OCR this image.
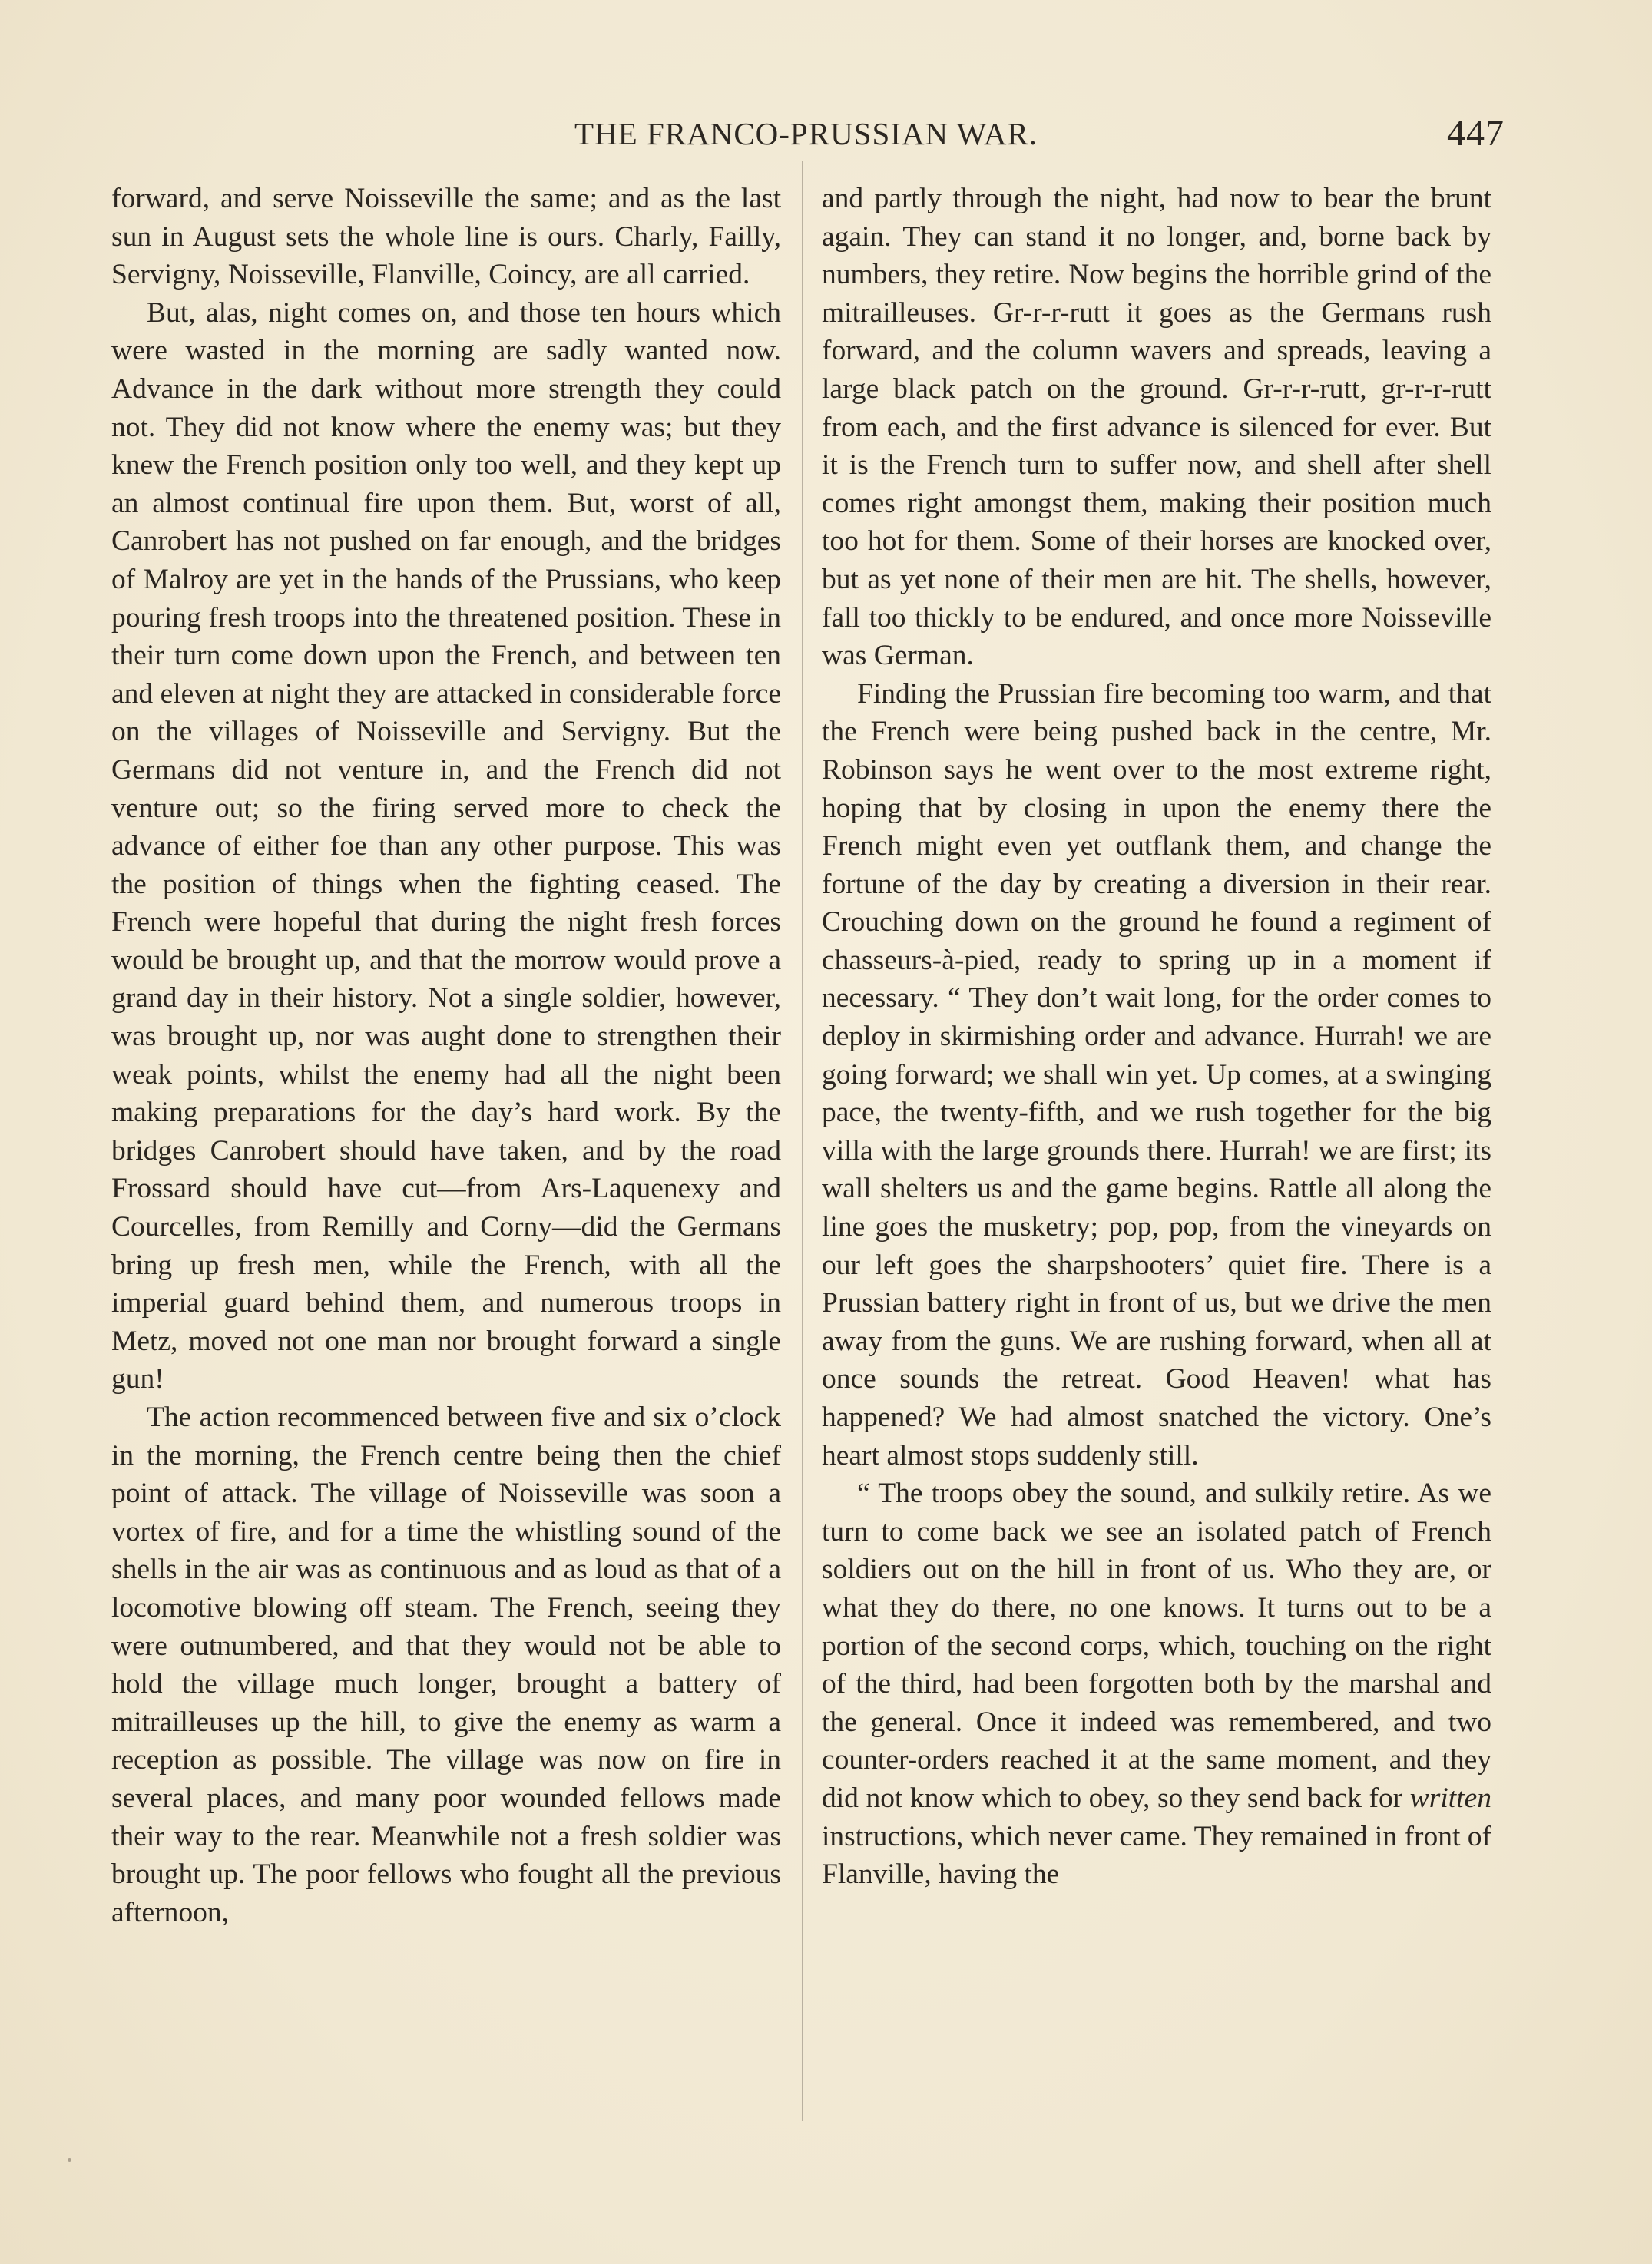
THE FRANCO-PRUSSIAN WAR.	447

forward, and serve Noisseville the same; and as the last sun in August sets the whole line is ours. Charly, Failly, Servigny, Noisseville, Flanville, Coincy, are all carried.

But, alas, night comes on, and those ten hours which were wasted in the morning are sadly wanted now. Advance in the dark without more strength they could not. They did not know where the enemy was; but they knew the French position only too well, and they kept up an almost continual fire upon them. But, worst of all, Canrobert has not pushed on far enough, and the bridges of Malroy are yet in the hands of the Prussians, who keep pouring fresh troops into the threatened position. These in their turn come down upon the French, and between ten and eleven at night they are attacked in considerable force on the villages of Noisseville and Servigny. But the Germans did not venture in, and the French did not venture out; so the firing served more to check the advance of either foe than any other purpose. This was the position of things when the fighting ceased. The French were hopeful that during the night fresh forces would be brought up, and that the morrow would prove a grand day in their history. Not a single soldier, however, was brought up, nor was aught done to strengthen their weak points, whilst the enemy had all the night been making preparations for the day’s hard work. By the bridges Canrobert should have taken, and by the road Frossard should have cut—from Ars-Laquenexy and Courcelles, from Remilly and Corny—did the Germans bring up fresh men, while the French, with all the imperial guard behind them, and numerous troops in Metz, moved not one man nor brought forward a single gun!

The action recommenced between five and six o’clock in the morning, the French centre being then the chief point of attack. The village of Noisseville was soon a vortex of fire, and for a time the whistling sound of the shells in the air was as continuous and as loud as that of a locomotive blowing off steam. The French, seeing they were outnumbered, and that they would not be able to hold the village much longer, brought a battery of mitrailleuses up the hill, to give the enemy as warm a reception as possible. The village was now on fire in several places, and many poor wounded fellows made their way to the rear. Meanwhile not a fresh soldier was brought up. The poor fellows who fought all the previous afternoon,

and partly through the night, had now to bear the brunt again. They can stand it no longer, and, borne back by numbers, they retire. Now begins the horrible grind of the mitrailleuses. Gr-r-r-rutt it goes as the Germans rush forward, and the column wavers and spreads, leaving a large black patch on the ground. Gr-r-r-rutt, gr-r-r-rutt from each, and the first advance is silenced for ever. But it is the French turn to suffer now, and shell after shell comes right amongst them, making their position much too hot for them. Some of their horses are knocked over, but as yet none of their men are hit. The shells, however, fall too thickly to be endured, and once more Noisseville was German.

Finding the Prussian fire becoming too warm, and that the French were being pushed back in the centre, Mr. Robinson says he went over to the most extreme right, hoping that by closing in upon the enemy there the French might even yet outflank them, and change the fortune of the day by creating a diversion in their rear. Crouching down on the ground he found a regiment of chasseurs-à-pied, ready to spring up in a moment if necessary. “ They don’t wait long, for the order comes to deploy in skirmishing order and advance. Hurrah! we are going forward; we shall win yet. Up comes, at a swinging pace, the twenty-fifth, and we rush together for the big villa with the large grounds there. Hurrah! we are first; its wall shelters us and the game begins. Rattle all along the line goes the musketry; pop, pop, from the vineyards on our left goes the sharpshooters’ quiet fire. There is a Prussian battery right in front of us, but we drive the men away from the guns. We are rushing forward, when all at once sounds the retreat. Good Heaven! what has happened? We had almost snatched the victory. One’s heart almost stops suddenly still.

“ The troops obey the sound, and sulkily retire. As we turn to come back we see an isolated patch of French soldiers out on the hill in front of us. Who they are, or what they do there, no one knows. It turns out to be a portion of the second corps, which, touching on the right of the third, had been forgotten both by the marshal and the general. Once it indeed was remembered, and two counter-orders reached it at the same moment, and they did not know which to obey, so they send back for written instructions, which never came. They remained in front of Flanville, having the
